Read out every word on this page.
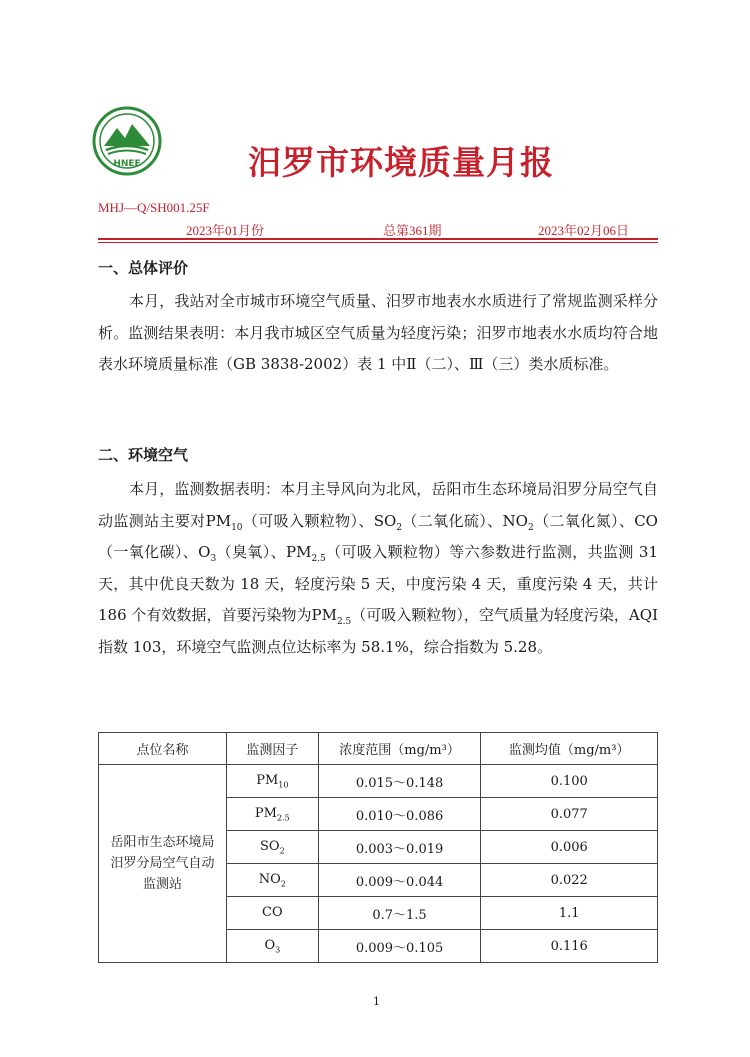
HNEE	汨罗市环境质量月报
MHJ—Q/SH001.25F
2023年01月份	总第361期	2023年02月06日
一、总体评价

本月，我站对全市城市环境空气质量、汨罗市地表水水质进行了常规监测采样分析。监测结果表明：本月我市城区空气质量为轻度污染；汨罗市地表水水质均符合地表水环境质量标准（GB 3838-2002）表 1 中Ⅱ（二）、Ⅲ（三）类水质标准。

二、环境空气

本月，监测数据表明：本月主导风向为北风，岳阳市生态环境局汨罗分局空气自动监测站主要对$PM_{10}$（可吸入颗粒物）、$SO_2$（二氧化硫）、$NO_2$（二氧化氮）、CO（一氧化碳）、$O_3$（臭氧）、$PM_{2.5}$（可吸入颗粒物）等六参数进行监测，共监测 31 天，其中优良天数为 18 天，轻度污染 5 天，中度污染 4 天，重度污染 4 天，共计 186 个有效数据，首要污染物为$PM_{2.5}$（可吸入颗粒物），空气质量为轻度污染，AQI 指数 103，环境空气监测点位达标率为 58.1%，综合指数为 5.28。

点位名称	监测因子	浓度范围（mg/m³）	监测均值（mg/m³）

岳阳市生态环境局汨罗分局空气自动监测站	$PM_{10}$	0.015～0.148	0.100
	$PM_{2.5}$	0.010～0.086	0.077
	$SO_2$	0.003～0.019	0.006
	$NO_2$	0.009～0.044	0.022
	CO	0.7～1.5	1.1
	$O_3$	0.009～0.105	0.116
1
